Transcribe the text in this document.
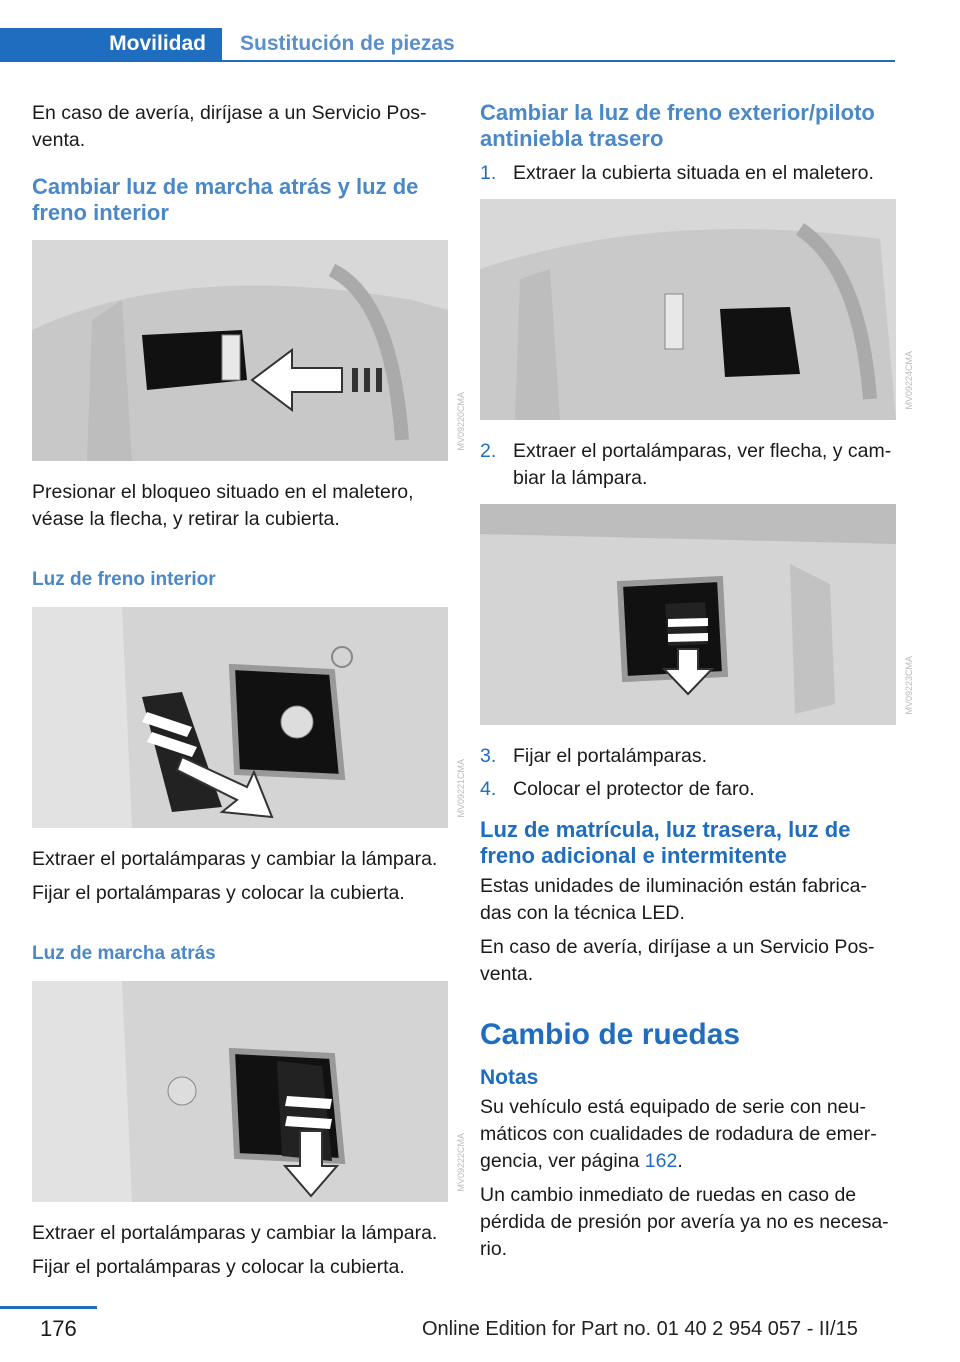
Movilidad	Sustitución de piezas

En caso de avería, diríjase a un Servicio Pos-venta.

Cambiar luz de marcha atrás y luz de freno interior
MV09220CMA

Presionar el bloqueo situado en el maletero, véase la flecha, y retirar la cubierta.

Luz de freno interior
MV09221CMA

Extraer el portalámparas y cambiar la lámpara.

Fijar el portalámparas y colocar la cubierta.

Luz de marcha atrás
MV09222CMA

Extraer el portalámparas y cambiar la lámpara.

Fijar el portalámparas y colocar la cubierta.

Cambiar la luz de freno exterior/piloto antiniebla trasero
1. Extraer la cubierta situada en el maletero.
MV09224CMA
2. Extraer el portalámparas, ver flecha, y cam-biar la lámpara.
MV09223CMA
3. Fijar el portalámparas.
4. Colocar el protector de faro.
Luz de matrícula, luz trasera, luz de freno adicional e intermitente

Estas unidades de iluminación están fabrica-das con la técnica LED.

En caso de avería, diríjase a un Servicio Pos-venta.

Cambio de ruedas
Notas

Su vehículo está equipado de serie con neu-máticos con cualidades de rodadura de emer-gencia, ver página 162.

Un cambio inmediato de ruedas en caso de pérdida de presión por avería ya no es necesa-rio.

176	Online Edition for Part no. 01 40 2 954 057 - II/15
